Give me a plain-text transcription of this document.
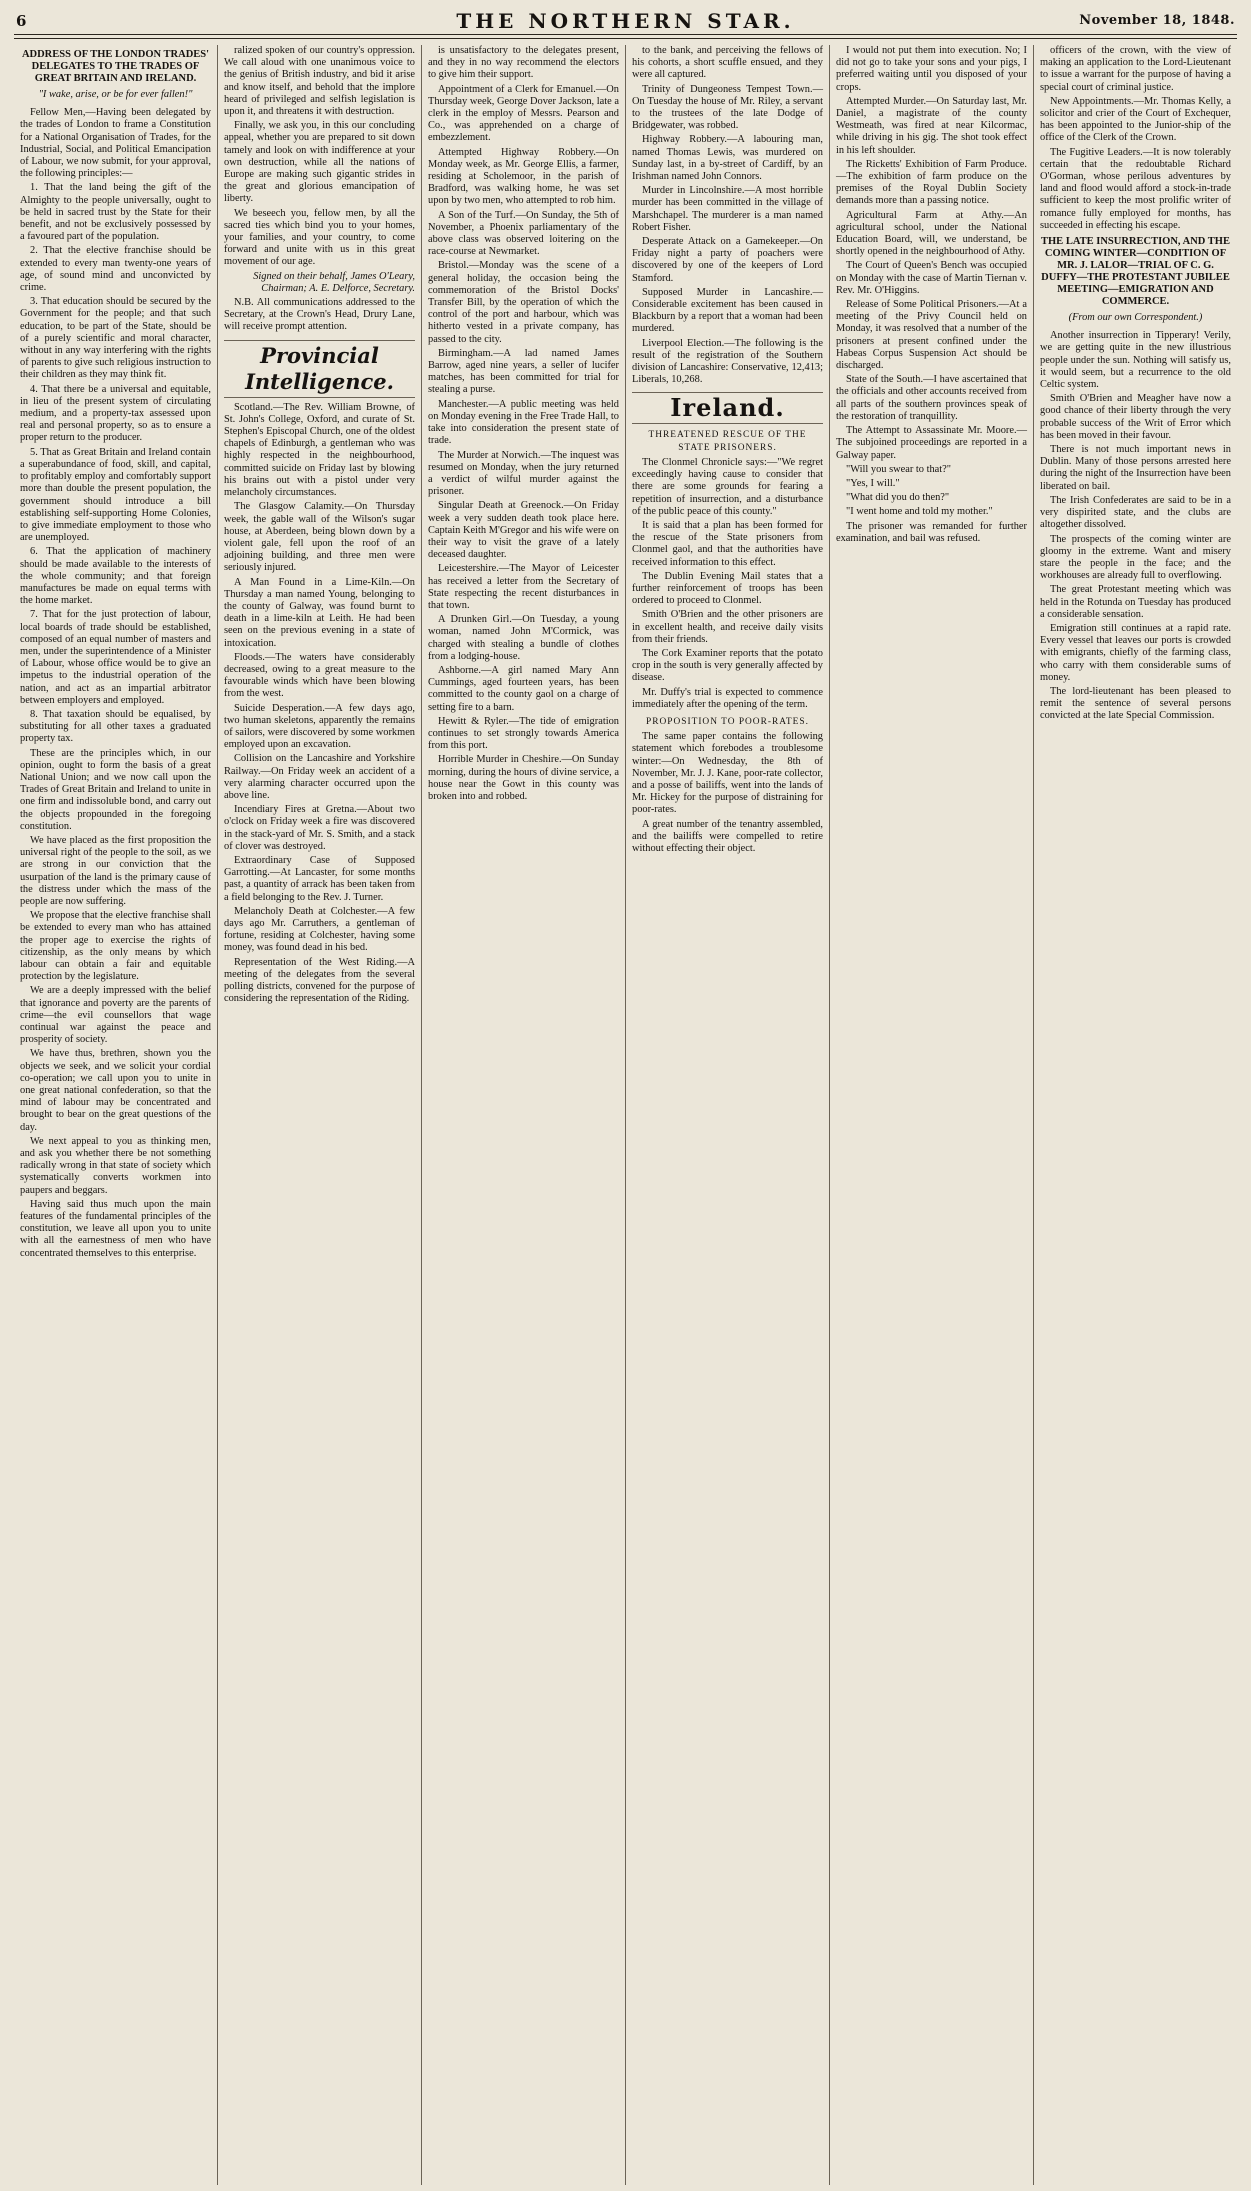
6	THE NORTHERN STAR.	November 18, 1848.
ADDRESS OF THE LONDON TRADES' DELEGATES TO THE TRADES OF GREAT BRITAIN AND IRELAND.
"I wake, arise, or be for ever fallen!"

Fellow Men,—Having been delegated by the trades of London to frame a Constitution for a National Organisation of Trades, for the Industrial, Social, and Political Emancipation of Labour, we now submit, for your approval, the following principles:—

1. That the land being the gift of the Almighty to the people universally, ought to be held in sacred trust by the State for their benefit, and not be exclusively possessed by a favoured part of the population.

2. That the elective franchise should be extended to every man twenty-one years of age, of sound mind and unconvicted by crime.

3. That education should be secured by the Government for the people; and that such education, to be part of the State, should be of a purely scientific and moral character, without in any way interfering with the rights of parents to give such religious instruction to their children as they may think fit.

4. That there be a universal and equitable, in lieu of the present system of circulating medium, and a property-tax assessed upon real and personal property, so as to ensure a proper return to the producer.

5. That as Great Britain and Ireland contain a superabundance of food, skill, and capital, to profitably employ and comfortably support more than double the present population, the government should introduce a bill establishing self-supporting Home Colonies, to give immediate employment to those who are unemployed.

6. That the application of machinery should be made available to the interests of the whole community; and that foreign manufactures be made on equal terms with the home market.

7. That for the just protection of labour, local boards of trade should be established, composed of an equal number of masters and men, under the superintendence of a Minister of Labour, whose office would be to give an impetus to the industrial operation of the nation, and act as an impartial arbitrator between employers and employed.

8. That taxation should be equalised, by substituting for all other taxes a graduated property tax.

These are the principles which, in our opinion, ought to form the basis of a great National Union; and we now call upon the Trades of Great Britain and Ireland to unite in one firm and indissoluble bond, and carry out the objects propounded in the foregoing constitution.

We have placed as the first proposition the universal right of the people to the soil, as we are strong in our conviction that the usurpation of the land is the primary cause of the distress under which the mass of the people are now suffering.

We propose that the elective franchise shall be extended to every man who has attained the proper age to exercise the rights of citizenship, as the only means by which labour can obtain a fair and equitable protection by the legislature.

We are a deeply impressed with the belief that ignorance and poverty are the parents of crime—the evil counsellors that wage continual war against the peace and prosperity of society.

We have thus, brethren, shown you the objects we seek, and we solicit your cordial co-operation; we call upon you to unite in one great national confederation, so that the mind of labour may be concentrated and brought to bear on the great questions of the day.

We next appeal to you as thinking men, and ask you whether there be not something radically wrong in that state of society which systematically converts workmen into paupers and beggars.

Having said thus much upon the main features of the fundamental principles of the constitution, we leave all upon you to unite with all the earnestness of men who have concentrated themselves to this enterprise.

ralized spoken of our country's oppression. We call aloud with one unanimous voice to the genius of British industry, and bid it arise and know itself, and behold that the implore heard of privileged and selfish legislation is upon it, and threatens it with destruction.

Finally, we ask you, in this our concluding appeal, whether you are prepared to sit down tamely and look on with indifference at your own destruction, while all the nations of Europe are making such gigantic strides in the great and glorious emancipation of liberty.

We beseech you, fellow men, by all the sacred ties which bind you to your homes, your families, and your country, to come forward and unite with us in this great movement of our age.

Signed on their behalf, James O'Leary, Chairman; A. E. Delforce, Secretary.

N.B. All communications addressed to the Secretary, at the Crown's Head, Drury Lane, will receive prompt attention.

Provincial Intelligence.

Scotland.—The Rev. William Browne, of St. John's College, Oxford, and curate of St. Stephen's Episcopal Church, one of the oldest chapels of Edinburgh, a gentleman who was highly respected in the neighbourhood, committed suicide on Friday last by blowing his brains out with a pistol under very melancholy circumstances.

The Glasgow Calamity.—On Thursday week, the gable wall of the Wilson's sugar house, at Aberdeen, being blown down by a violent gale, fell upon the roof of an adjoining building, and three men were seriously injured.

A Man Found in a Lime-Kiln.—On Thursday a man named Young, belonging to the county of Galway, was found burnt to death in a lime-kiln at Leith. He had been seen on the previous evening in a state of intoxication.

Floods.—The waters have considerably decreased, owing to a great measure to the favourable winds which have been blowing from the west.

Suicide Desperation.—A few days ago, two human skeletons, apparently the remains of sailors, were discovered by some workmen employed upon an excavation.

Collision on the Lancashire and Yorkshire Railway.—On Friday week an accident of a very alarming character occurred upon the above line.

Incendiary Fires at Gretna.—About two o'clock on Friday week a fire was discovered in the stack-yard of Mr. S. Smith, and a stack of clover was destroyed.

Extraordinary Case of Supposed Garrotting.—At Lancaster, for some months past, a quantity of arrack has been taken from a field belonging to the Rev. J. Turner.

Melancholy Death at Colchester.—A few days ago Mr. Carruthers, a gentleman of fortune, residing at Colchester, having some money, was found dead in his bed.

Representation of the West Riding.—A meeting of the delegates from the several polling districts, convened for the purpose of considering the representation of the Riding.

is unsatisfactory to the delegates present, and they in no way recommend the electors to give him their support.

Appointment of a Clerk for Emanuel.—On Thursday week, George Dover Jackson, late a clerk in the employ of Messrs. Pearson and Co., was apprehended on a charge of embezzlement.

Attempted Highway Robbery.—On Monday week, as Mr. George Ellis, a farmer, residing at Scholemoor, in the parish of Bradford, was walking home, he was set upon by two men, who attempted to rob him.

A Son of the Turf.—On Sunday, the 5th of November, a Phoenix parliamentary of the above class was observed loitering on the race-course at Newmarket.

Bristol.—Monday was the scene of a general holiday, the occasion being the commemoration of the Bristol Docks' Transfer Bill, by the operation of which the control of the port and harbour, which was hitherto vested in a private company, has passed to the city.

Birmingham.—A lad named James Barrow, aged nine years, a seller of lucifer matches, has been committed for trial for stealing a purse.

Manchester.—A public meeting was held on Monday evening in the Free Trade Hall, to take into consideration the present state of trade.

The Murder at Norwich.—The inquest was resumed on Monday, when the jury returned a verdict of wilful murder against the prisoner.

Singular Death at Greenock.—On Friday week a very sudden death took place here. Captain Keith M'Gregor and his wife were on their way to visit the grave of a lately deceased daughter.

Leicestershire.—The Mayor of Leicester has received a letter from the Secretary of State respecting the recent disturbances in that town.

A Drunken Girl.—On Tuesday, a young woman, named John M'Cormick, was charged with stealing a bundle of clothes from a lodging-house.

Ashborne.—A girl named Mary Ann Cummings, aged fourteen years, has been committed to the county gaol on a charge of setting fire to a barn.

Hewitt & Ryler.—The tide of emigration continues to set strongly towards America from this port.

Horrible Murder in Cheshire.—On Sunday morning, during the hours of divine service, a house near the Gowt in this county was broken into and robbed.

to the bank, and perceiving the fellows of his cohorts, a short scuffle ensued, and they were all captured.

Trinity of Dungeoness Tempest Town.—On Tuesday the house of Mr. Riley, a servant to the trustees of the late Dodge of Bridgewater, was robbed.

Highway Robbery.—A labouring man, named Thomas Lewis, was murdered on Sunday last, in a by-street of Cardiff, by an Irishman named John Connors.

Murder in Lincolnshire.—A most horrible murder has been committed in the village of Marshchapel. The murderer is a man named Robert Fisher.

Desperate Attack on a Gamekeeper.—On Friday night a party of poachers were discovered by one of the keepers of Lord Stamford.

Supposed Murder in Lancashire.—Considerable excitement has been caused in Blackburn by a report that a woman had been murdered.

Liverpool Election.—The following is the result of the registration of the Southern division of Lancashire: Conservative, 12,413; Liberals, 10,268.

Ireland.
THREATENED RESCUE OF THE STATE PRISONERS.

The Clonmel Chronicle says:—"We regret exceedingly having cause to consider that there are some grounds for fearing a repetition of insurrection, and a disturbance of the public peace of this county."

It is said that a plan has been formed for the rescue of the State prisoners from Clonmel gaol, and that the authorities have received information to this effect.

The Dublin Evening Mail states that a further reinforcement of troops has been ordered to proceed to Clonmel.

Smith O'Brien and the other prisoners are in excellent health, and receive daily visits from their friends.

The Cork Examiner reports that the potato crop in the south is very generally affected by disease.

Mr. Duffy's trial is expected to commence immediately after the opening of the term.

PROPOSITION TO POOR-RATES.

The same paper contains the following statement which forebodes a troublesome winter:—On Wednesday, the 8th of November, Mr. J. J. Kane, poor-rate collector, and a posse of bailiffs, went into the lands of Mr. Hickey for the purpose of distraining for poor-rates.

A great number of the tenantry assembled, and the bailiffs were compelled to retire without effecting their object.

I would not put them into execution. No; I did not go to take your sons and your pigs, I preferred waiting until you disposed of your crops.

Attempted Murder.—On Saturday last, Mr. Daniel, a magistrate of the county Westmeath, was fired at near Kilcormac, while driving in his gig. The shot took effect in his left shoulder.

The Ricketts' Exhibition of Farm Produce.—The exhibition of farm produce on the premises of the Royal Dublin Society demands more than a passing notice.

Agricultural Farm at Athy.—An agricultural school, under the National Education Board, will, we understand, be shortly opened in the neighbourhood of Athy.

The Court of Queen's Bench was occupied on Monday with the case of Martin Tiernan v. Rev. Mr. O'Higgins.

Release of Some Political Prisoners.—At a meeting of the Privy Council held on Monday, it was resolved that a number of the prisoners at present confined under the Habeas Corpus Suspension Act should be discharged.

State of the South.—I have ascertained that the officials and other accounts received from all parts of the southern provinces speak of the restoration of tranquillity.

The Attempt to Assassinate Mr. Moore.—The subjoined proceedings are reported in a Galway paper.

"Will you swear to that?"

"Yes, I will."

"What did you do then?"

"I went home and told my mother."

The prisoner was remanded for further examination, and bail was refused.

officers of the crown, with the view of making an application to the Lord-Lieutenant to issue a warrant for the purpose of having a special court of criminal justice.

New Appointments.—Mr. Thomas Kelly, a solicitor and crier of the Court of Exchequer, has been appointed to the Junior-ship of the office of the Clerk of the Crown.

The Fugitive Leaders.—It is now tolerably certain that the redoubtable Richard O'Gorman, whose perilous adventures by land and flood would afford a stock-in-trade sufficient to keep the most prolific writer of romance fully employed for months, has succeeded in effecting his escape.

THE LATE INSURRECTION, AND THE COMING WINTER—CONDITION OF MR. J. LALOR—TRIAL OF C. G. DUFFY—THE PROTESTANT JUBILEE MEETING—EMIGRATION AND COMMERCE.
(From our own Correspondent.)

Another insurrection in Tipperary! Verily, we are getting quite in the new illustrious people under the sun. Nothing will satisfy us, it would seem, but a recurrence to the old Celtic system.

Smith O'Brien and Meagher have now a good chance of their liberty through the very probable success of the Writ of Error which has been moved in their favour.

There is not much important news in Dublin. Many of those persons arrested here during the night of the Insurrection have been liberated on bail.

The Irish Confederates are said to be in a very dispirited state, and the clubs are altogether dissolved.

The prospects of the coming winter are gloomy in the extreme. Want and misery stare the people in the face; and the workhouses are already full to overflowing.

The great Protestant meeting which was held in the Rotunda on Tuesday has produced a considerable sensation.

Emigration still continues at a rapid rate. Every vessel that leaves our ports is crowded with emigrants, chiefly of the farming class, who carry with them considerable sums of money.

The lord-lieutenant has been pleased to remit the sentence of several persons convicted at the late Special Commission.
